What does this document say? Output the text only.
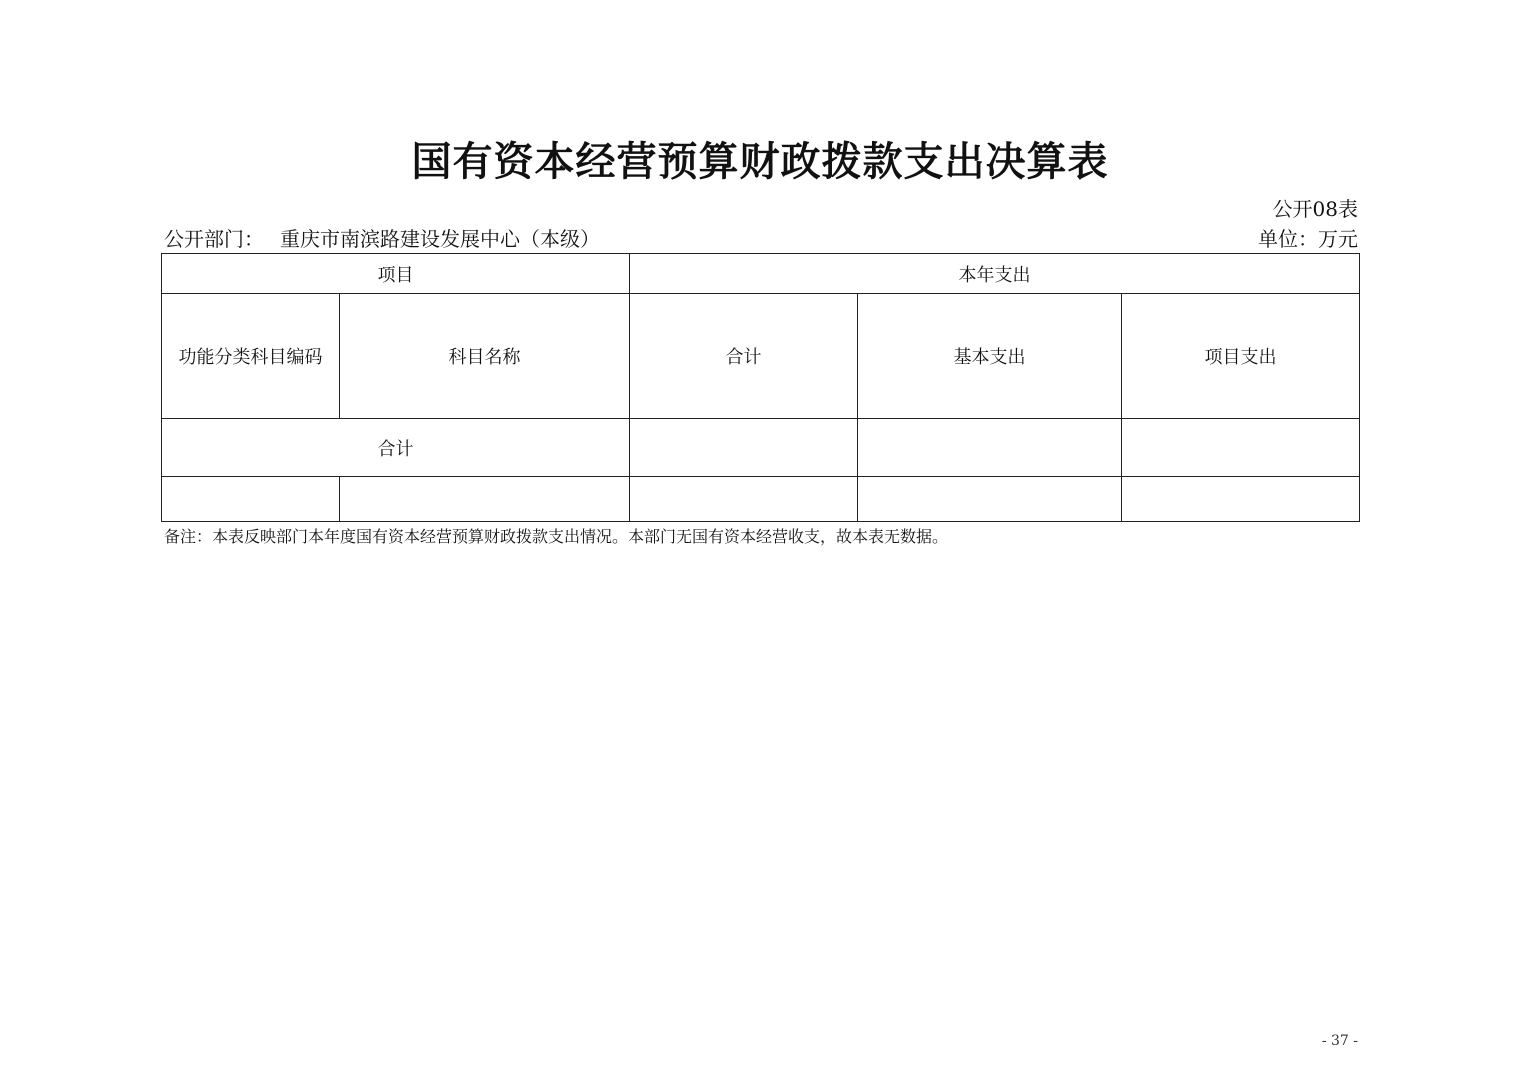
国有资本经营预算财政拨款支出决算表
公开08表
公开部门： 重庆市南滨路建设发展中心（本级）	单位：万元
项目		本年支出		
功能分类科目编码	科目名称	合计	基本支出	项目支出
合计				

备注：本表反映部门本年度国有资本经营预算财政拨款支出情况。本部门无国有资本经营收支，故本表无数据。
- 37 -
